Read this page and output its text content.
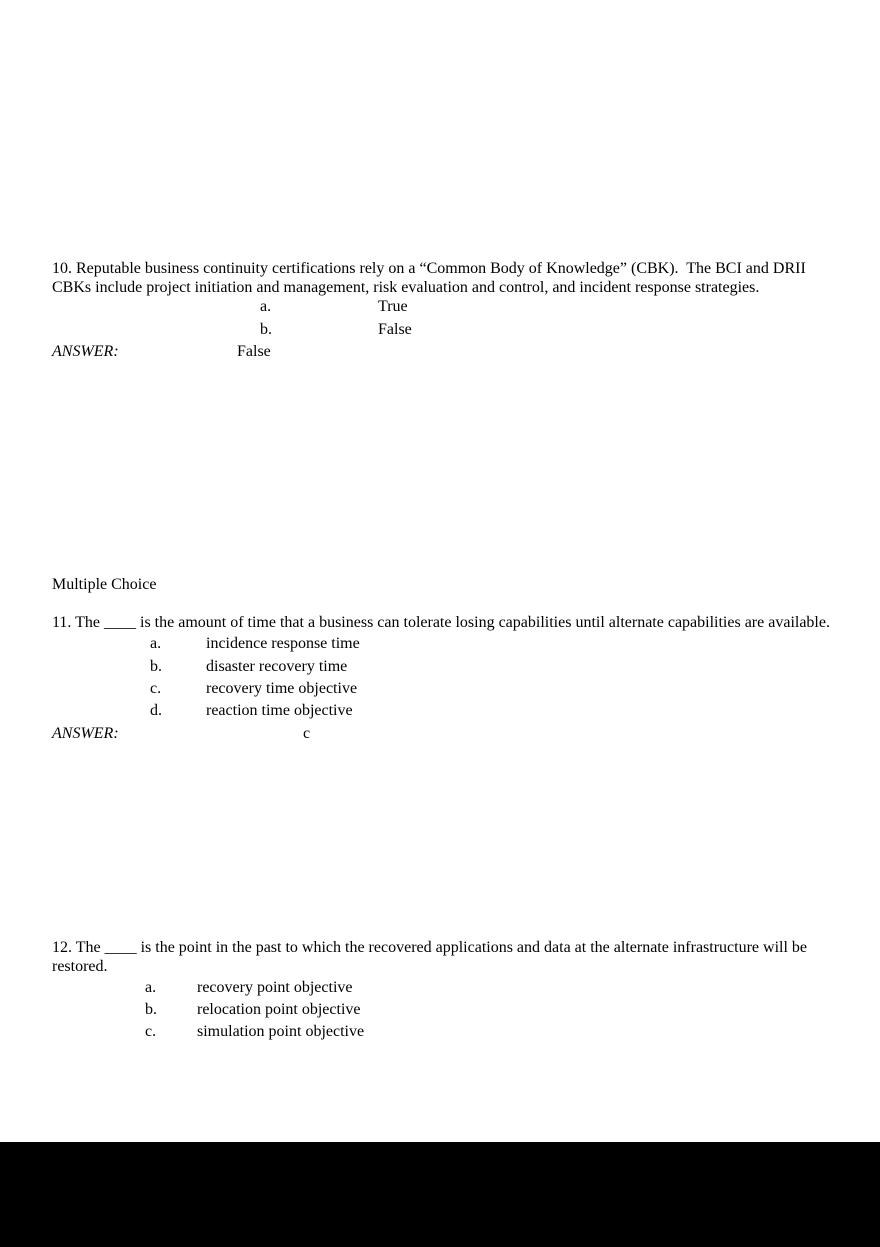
10. Reputable business continuity certifications rely on a “Common Body of Knowledge” (CBK).  The BCI and DRII
CBKs include project initiation and management, risk evaluation and control, and incident response strategies.
a.	True
b.	False
ANSWER:	False
Multiple Choice
11. The ____ is the amount of time that a business can tolerate losing capabilities until alternate capabilities are available.
a.	incidence response time
b.	disaster recovery time
c.	recovery time objective
d.	reaction time objective
ANSWER:	c
12. The ____ is the point in the past to which the recovered applications and data at the alternate infrastructure will be
restored.
a.	recovery point objective
b.	relocation point objective
c.	simulation point objective
